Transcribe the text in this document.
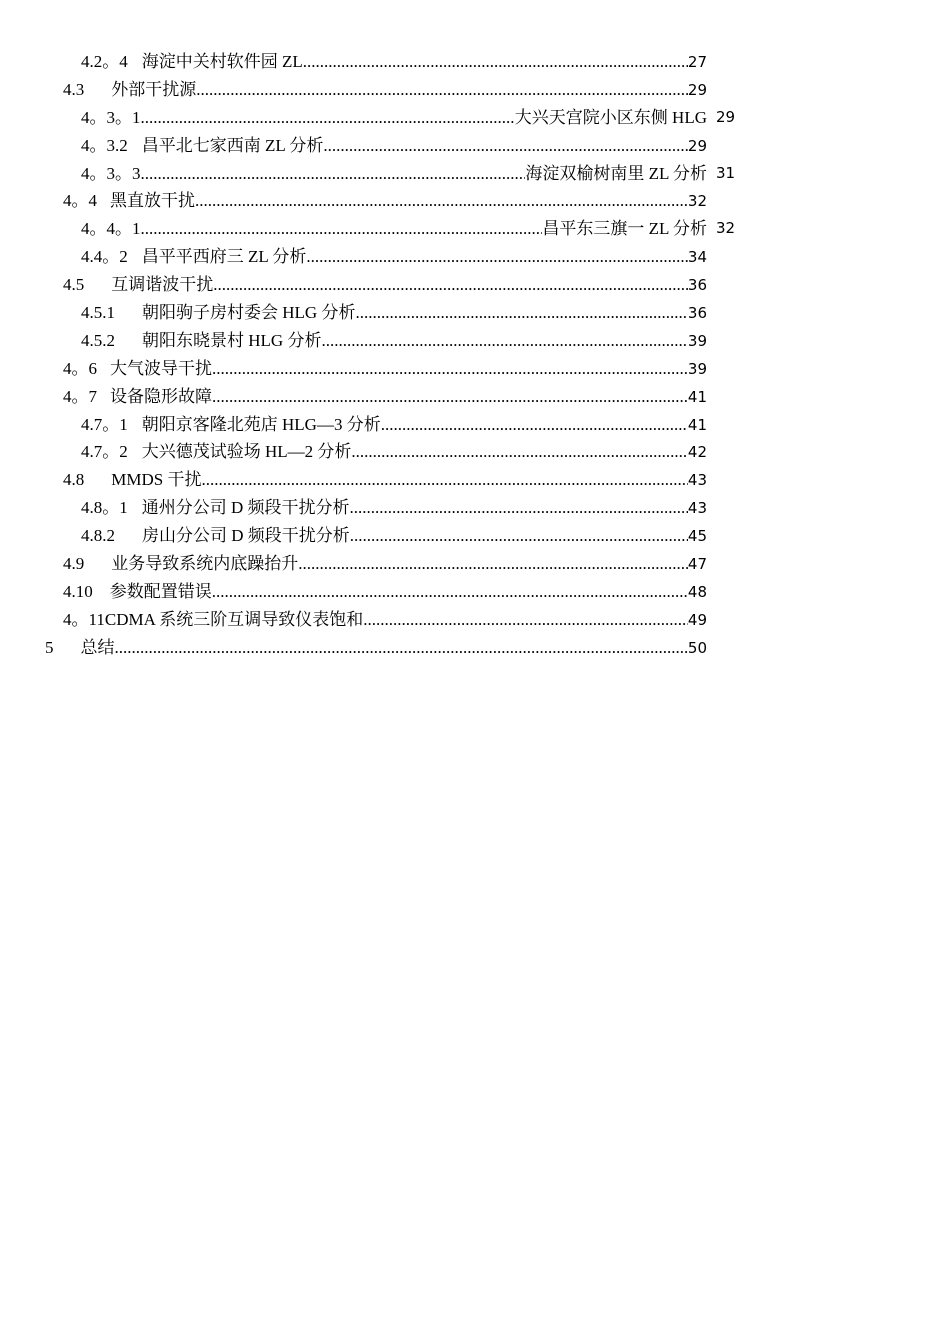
4.2。4 海淀中关村软件园 ZL .....	27
4.3 外部干扰源 .....	29
4。3。1 .....	大兴天宫院小区东侧 HLG 29
4。3.2 昌平北七家西南 ZL 分析 .....	29
4。3。3 .....	海淀双榆树南里 ZL 分析 31
4。4 黑直放干扰 .....	32
4。4。1 .....	昌平东三旗一 ZL 分析 32
4.4。2 昌平平西府三 ZL 分析 .....	34
4.5 互调谐波干扰 .....	36
4.5.1 朝阳驹子房村委会 HLG 分析 .....	36
4.5.2 朝阳东晓景村 HLG 分析 .....	39
4。6 大气波导干扰 .....	39
4。7 设备隐形故障 .....	41
4.7。1 朝阳京客隆北苑店 HLG—3 分析 .....	41
4.7。2 大兴德茂试验场 HL—2 分析 .....	42
4.8 MMDS 干扰 .....	43
4.8。1 通州分公司 D 频段干扰分析 .....	43
4.8.2 房山分公司 D 频段干扰分析 .....	45
4.9 业务导致系统内底躁抬升 .....	47
4.10 参数配置错误 .....	48
4。11 CDMA 系统三阶互调导致仪表饱和 .....	49
5 总结 .....	50
